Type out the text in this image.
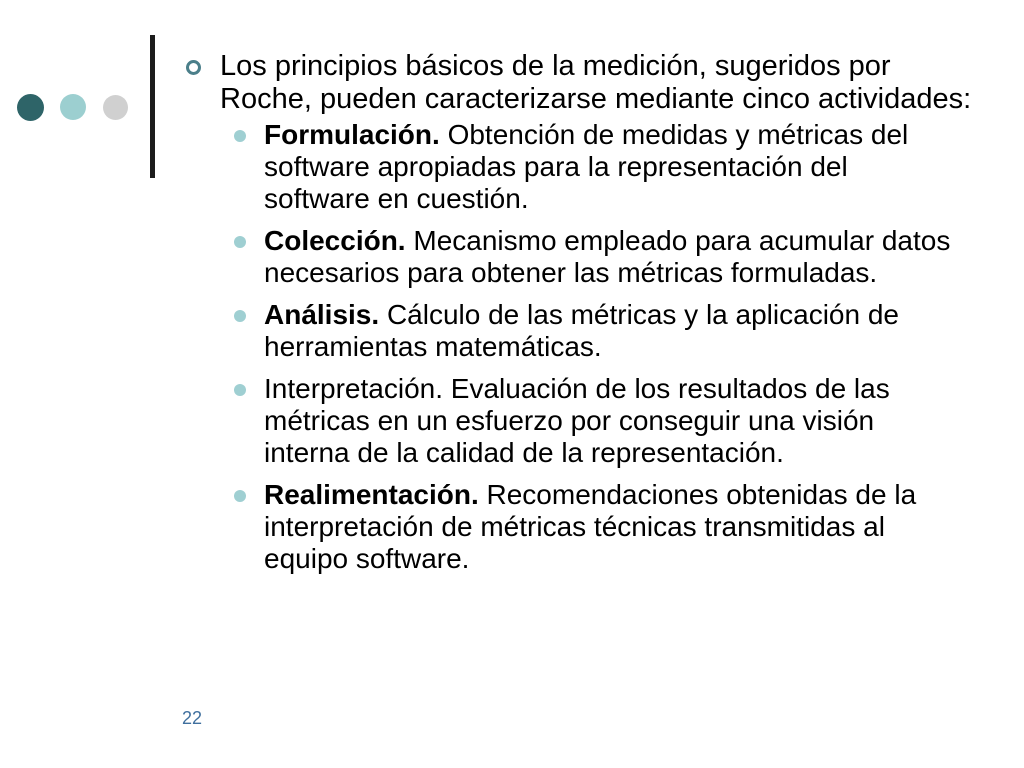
Los principios básicos de la medición, sugeridos por Roche, pueden caracterizarse mediante cinco actividades:
Formulación. Obtención de medidas y métricas del software apropiadas para la representación del software en cuestión.
Colección. Mecanismo empleado para acumular datos necesarios para obtener las métricas formuladas.
Análisis. Cálculo de las métricas y la aplicación de herramientas matemáticas.
Interpretación. Evaluación de los resultados de las métricas en un esfuerzo por conseguir una visión interna de la calidad de la representación.
Realimentación. Recomendaciones obtenidas de la interpretación de métricas técnicas transmitidas al equipo software.
22
